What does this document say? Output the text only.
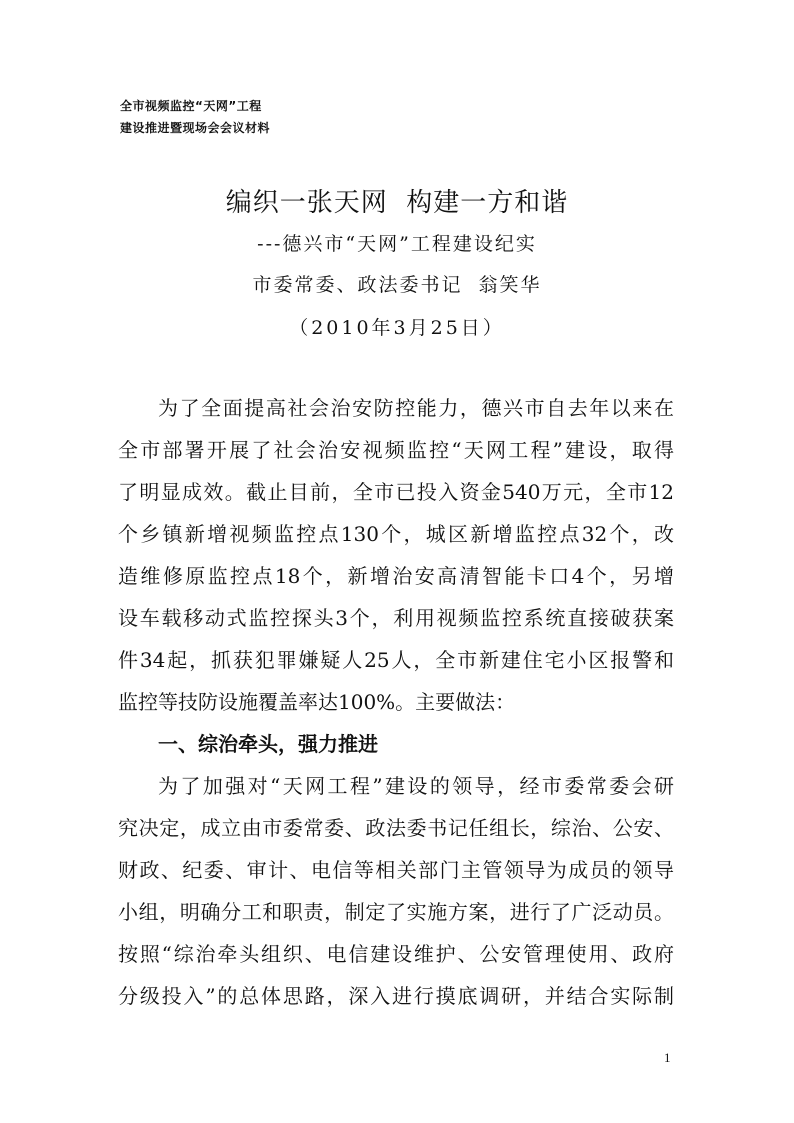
全市视频监控“天网”工程
建设推进暨现场会会议材料
编织一张天网  构建一方和谐
---德兴市“天网”工程建设纪实
市委常委、政法委书记  翁笑华
（2010年3月25日）
为了全面提高社会治安防控能力，德兴市自去年以来在
全市部署开展了社会治安视频监控“天网工程”建设，取得
了明显成效。截止目前，全市已投入资金540万元，全市12
个乡镇新增视频监控点130个，城区新增监控点32个，改
造维修原监控点18个，新增治安高清智能卡口4个，另增
设车载移动式监控探头3个，利用视频监控系统直接破获案
件34起，抓获犯罪嫌疑人25人，全市新建住宅小区报警和
监控等技防设施覆盖率达100%。主要做法：
一、综治牵头，强力推进
为了加强对“天网工程”建设的领导，经市委常委会研
究决定，成立由市委常委、政法委书记任组长，综治、公安、
财政、纪委、审计、电信等相关部门主管领导为成员的领导
小组，明确分工和职责，制定了实施方案，进行了广泛动员。
按照“综治牵头组织、电信建设维护、公安管理使用、政府
分级投入”的总体思路，深入进行摸底调研，并结合实际制
1
